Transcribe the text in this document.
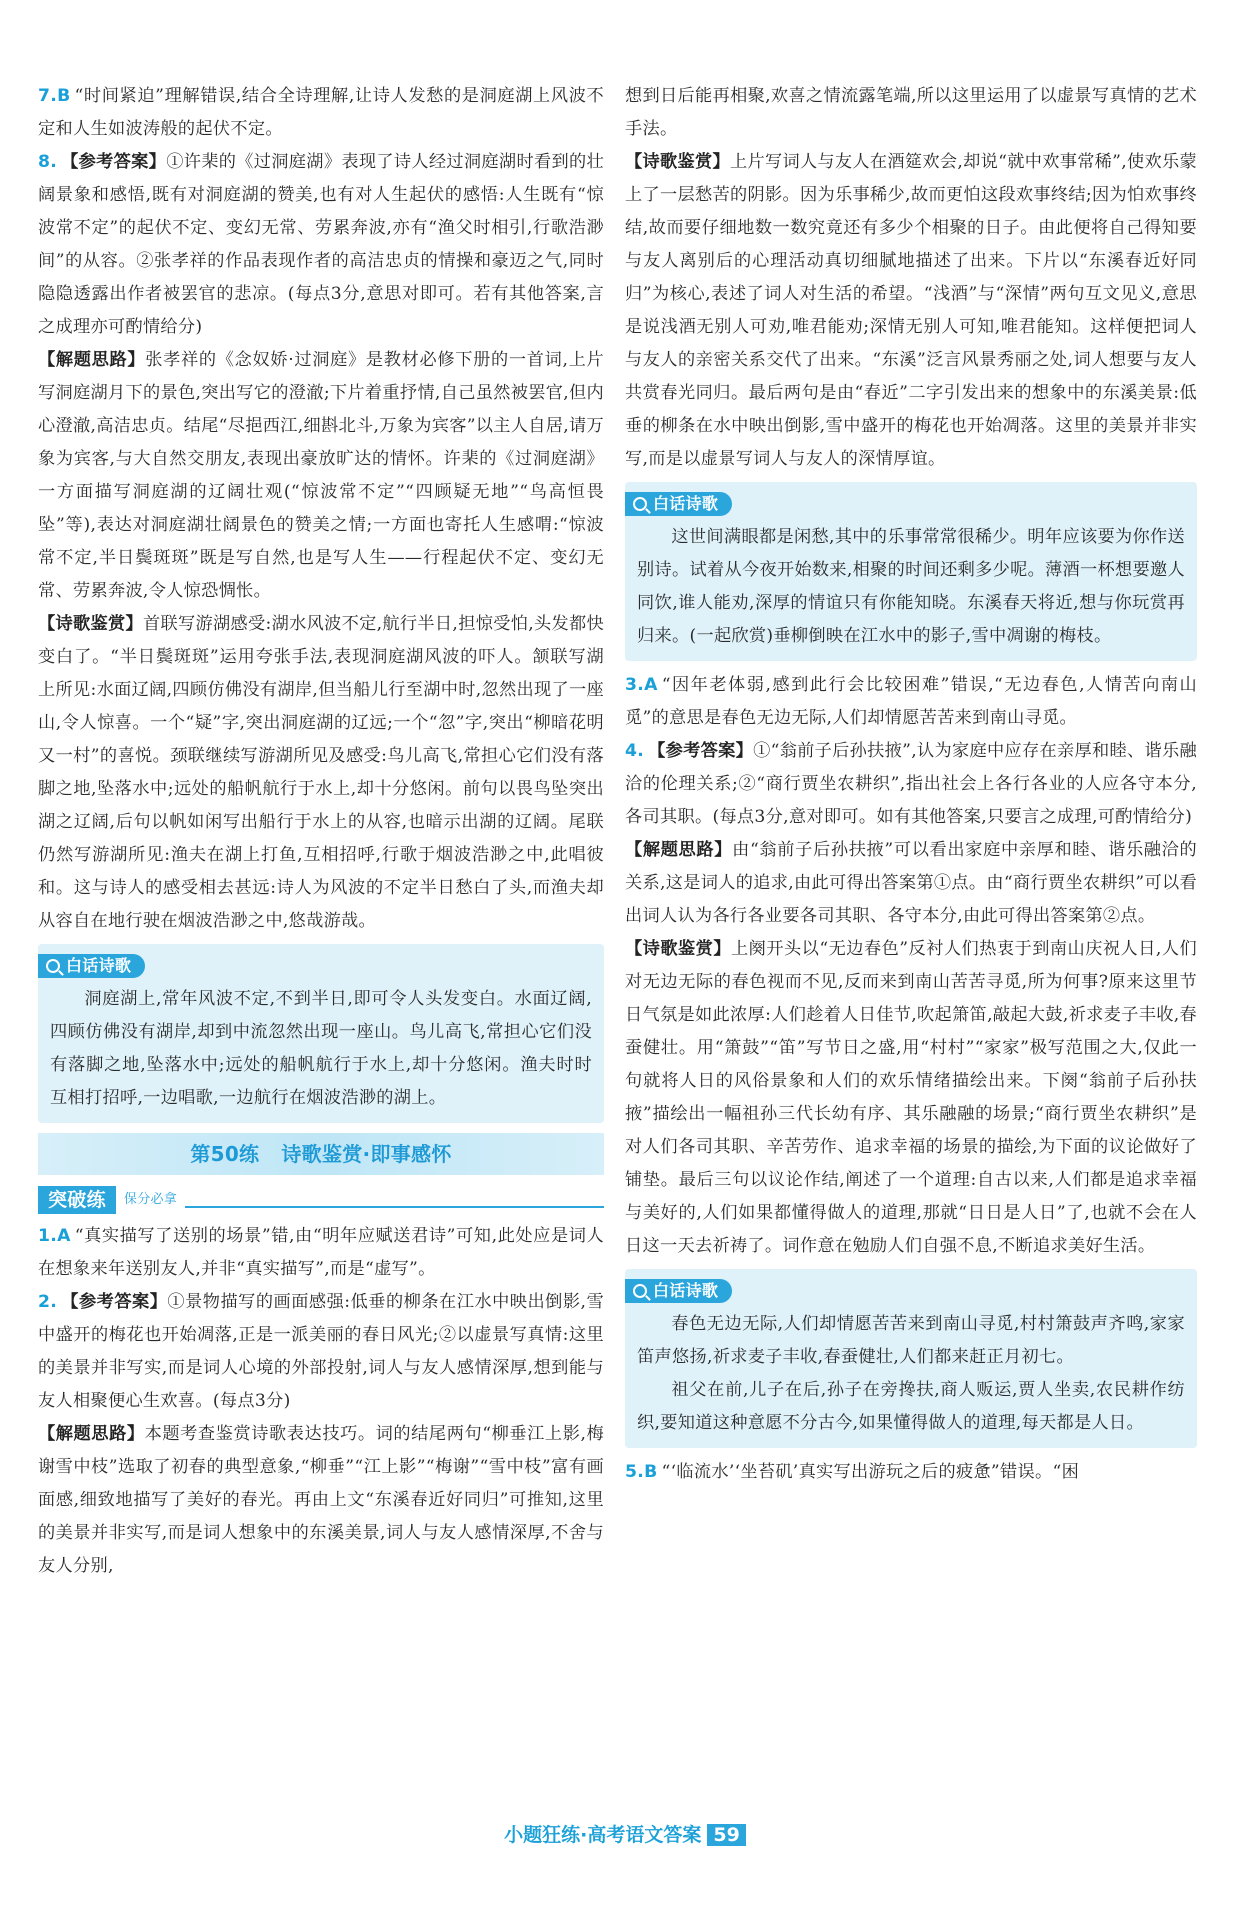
7.B “时间紧迫”理解错误,结合全诗理解,让诗人发愁的是洞庭湖上风波不定和人生如波涛般的起伏不定。

8. 【参考答案】①许棐的《过洞庭湖》表现了诗人经过洞庭湖时看到的壮阔景象和感悟,既有对洞庭湖的赞美,也有对人生起伏的感悟:人生既有“惊波常不定”的起伏不定、变幻无常、劳累奔波,亦有“渔父时相引,行歌浩渺间”的从容。②张孝祥的作品表现作者的高洁忠贞的情操和豪迈之气,同时隐隐透露出作者被罢官的悲凉。(每点3分,意思对即可。若有其他答案,言之成理亦可酌情给分)

【解题思路】张孝祥的《念奴娇·过洞庭》是教材必修下册的一首词,上片写洞庭湖月下的景色,突出写它的澄澈;下片着重抒情,自己虽然被罢官,但内心澄澈,高洁忠贞。结尾“尽挹西江,细斟北斗,万象为宾客”以主人自居,请万象为宾客,与大自然交朋友,表现出豪放旷达的情怀。许棐的《过洞庭湖》一方面描写洞庭湖的辽阔壮观(“惊波常不定”“四顾疑无地”“鸟高恒畏坠”等),表达对洞庭湖壮阔景色的赞美之情;一方面也寄托人生感喟:“惊波常不定,半日鬓斑斑”既是写自然,也是写人生——行程起伏不定、变幻无常、劳累奔波,令人惊恐惆怅。

【诗歌鉴赏】首联写游湖感受:湖水风波不定,航行半日,担惊受怕,头发都快变白了。“半日鬓斑斑”运用夸张手法,表现洞庭湖风波的吓人。颔联写湖上所见:水面辽阔,四顾仿佛没有湖岸,但当船儿行至湖中时,忽然出现了一座山,令人惊喜。一个“疑”字,突出洞庭湖的辽远;一个“忽”字,突出“柳暗花明又一村”的喜悦。颈联继续写游湖所见及感受:鸟儿高飞,常担心它们没有落脚之地,坠落水中;远处的船帆航行于水上,却十分悠闲。前句以畏鸟坠突出湖之辽阔,后句以帆如闲写出船行于水上的从容,也暗示出湖的辽阔。尾联仍然写游湖所见:渔夫在湖上打鱼,互相招呼,行歌于烟波浩渺之中,此唱彼和。这与诗人的感受相去甚远:诗人为风波的不定半日愁白了头,而渔夫却从容自在地行驶在烟波浩渺之中,悠哉游哉。

白话诗歌

洞庭湖上,常年风波不定,不到半日,即可令人头发变白。水面辽阔,四顾仿佛没有湖岸,却到中流忽然出现一座山。鸟儿高飞,常担心它们没有落脚之地,坠落水中;远处的船帆航行于水上,却十分悠闲。渔夫时时互相打招呼,一边唱歌,一边航行在烟波浩渺的湖上。

第50练 诗歌鉴赏·即事感怀
突破练	保分必拿

1.A “真实描写了送别的场景”错,由“明年应赋送君诗”可知,此处应是词人在想象来年送别友人,并非“真实描写”,而是“虚写”。

2. 【参考答案】①景物描写的画面感强:低垂的柳条在江水中映出倒影,雪中盛开的梅花也开始凋落,正是一派美丽的春日风光;②以虚景写真情:这里的美景并非写实,而是词人心境的外部投射,词人与友人感情深厚,想到能与友人相聚便心生欢喜。(每点3分)

【解题思路】本题考查鉴赏诗歌表达技巧。词的结尾两句“柳垂江上影,梅谢雪中枝”选取了初春的典型意象,“柳垂”“江上影”“梅谢”“雪中枝”富有画面感,细致地描写了美好的春光。再由上文“东溪春近好同归”可推知,这里的美景并非实写,而是词人想象中的东溪美景,词人与友人感情深厚,不舍与友人分别,

想到日后能再相聚,欢喜之情流露笔端,所以这里运用了以虚景写真情的艺术手法。

【诗歌鉴赏】上片写词人与友人在酒筵欢会,却说“就中欢事常稀”,使欢乐蒙上了一层愁苦的阴影。因为乐事稀少,故而更怕这段欢事终结;因为怕欢事终结,故而要仔细地数一数究竟还有多少个相聚的日子。由此便将自己得知要与友人离别后的心理活动真切细腻地描述了出来。下片以“东溪春近好同归”为核心,表述了词人对生活的希望。“浅酒”与“深情”两句互文见义,意思是说浅酒无别人可劝,唯君能劝;深情无别人可知,唯君能知。这样便把词人与友人的亲密关系交代了出来。“东溪”泛言风景秀丽之处,词人想要与友人共赏春光同归。最后两句是由“春近”二字引发出来的想象中的东溪美景:低垂的柳条在水中映出倒影,雪中盛开的梅花也开始凋落。这里的美景并非实写,而是以虚景写词人与友人的深情厚谊。

白话诗歌

这世间满眼都是闲愁,其中的乐事常常很稀少。明年应该要为你作送别诗。试着从今夜开始数来,相聚的时间还剩多少呢。薄酒一杯想要邀人同饮,谁人能劝,深厚的情谊只有你能知晓。东溪春天将近,想与你玩赏再归来。(一起欣赏)垂柳倒映在江水中的影子,雪中凋谢的梅枝。

3.A “因年老体弱,感到此行会比较困难”错误,“无边春色,人情苦向南山觅”的意思是春色无边无际,人们却情愿苦苦来到南山寻觅。

4. 【参考答案】①“翁前子后孙扶掖”,认为家庭中应存在亲厚和睦、谐乐融洽的伦理关系;②“商行贾坐农耕织”,指出社会上各行各业的人应各守本分,各司其职。(每点3分,意对即可。如有其他答案,只要言之成理,可酌情给分)

【解题思路】由“翁前子后孙扶掖”可以看出家庭中亲厚和睦、谐乐融洽的关系,这是词人的追求,由此可得出答案第①点。由“商行贾坐农耕织”可以看出词人认为各行各业要各司其职、各守本分,由此可得出答案第②点。

【诗歌鉴赏】上阕开头以“无边春色”反衬人们热衷于到南山庆祝人日,人们对无边无际的春色视而不见,反而来到南山苦苦寻觅,所为何事?原来这里节日气氛是如此浓厚:人们趁着人日佳节,吹起箫笛,敲起大鼓,祈求麦子丰收,春蚕健壮。用“箫鼓”“笛”写节日之盛,用“村村”“家家”极写范围之大,仅此一句就将人日的风俗景象和人们的欢乐情绪描绘出来。下阕“翁前子后孙扶掖”描绘出一幅祖孙三代长幼有序、其乐融融的场景;“商行贾坐农耕织”是对人们各司其职、辛苦劳作、追求幸福的场景的描绘,为下面的议论做好了铺垫。最后三句以议论作结,阐述了一个道理:自古以来,人们都是追求幸福与美好的,人们如果都懂得做人的道理,那就“日日是人日”了,也就不会在人日这一天去祈祷了。词作意在勉励人们自强不息,不断追求美好生活。

白话诗歌

春色无边无际,人们却情愿苦苦来到南山寻觅,村村箫鼓声齐鸣,家家笛声悠扬,祈求麦子丰收,春蚕健壮,人们都来赶正月初七。

祖父在前,儿子在后,孙子在旁搀扶,商人贩运,贾人坐卖,农民耕作纺织,要知道这种意愿不分古今,如果懂得做人的道理,每天都是人日。

5.B “‘临流水’‘坐苔矶’真实写出游玩之后的疲惫”错误。“困

小题狂练·高考语文答案 59
